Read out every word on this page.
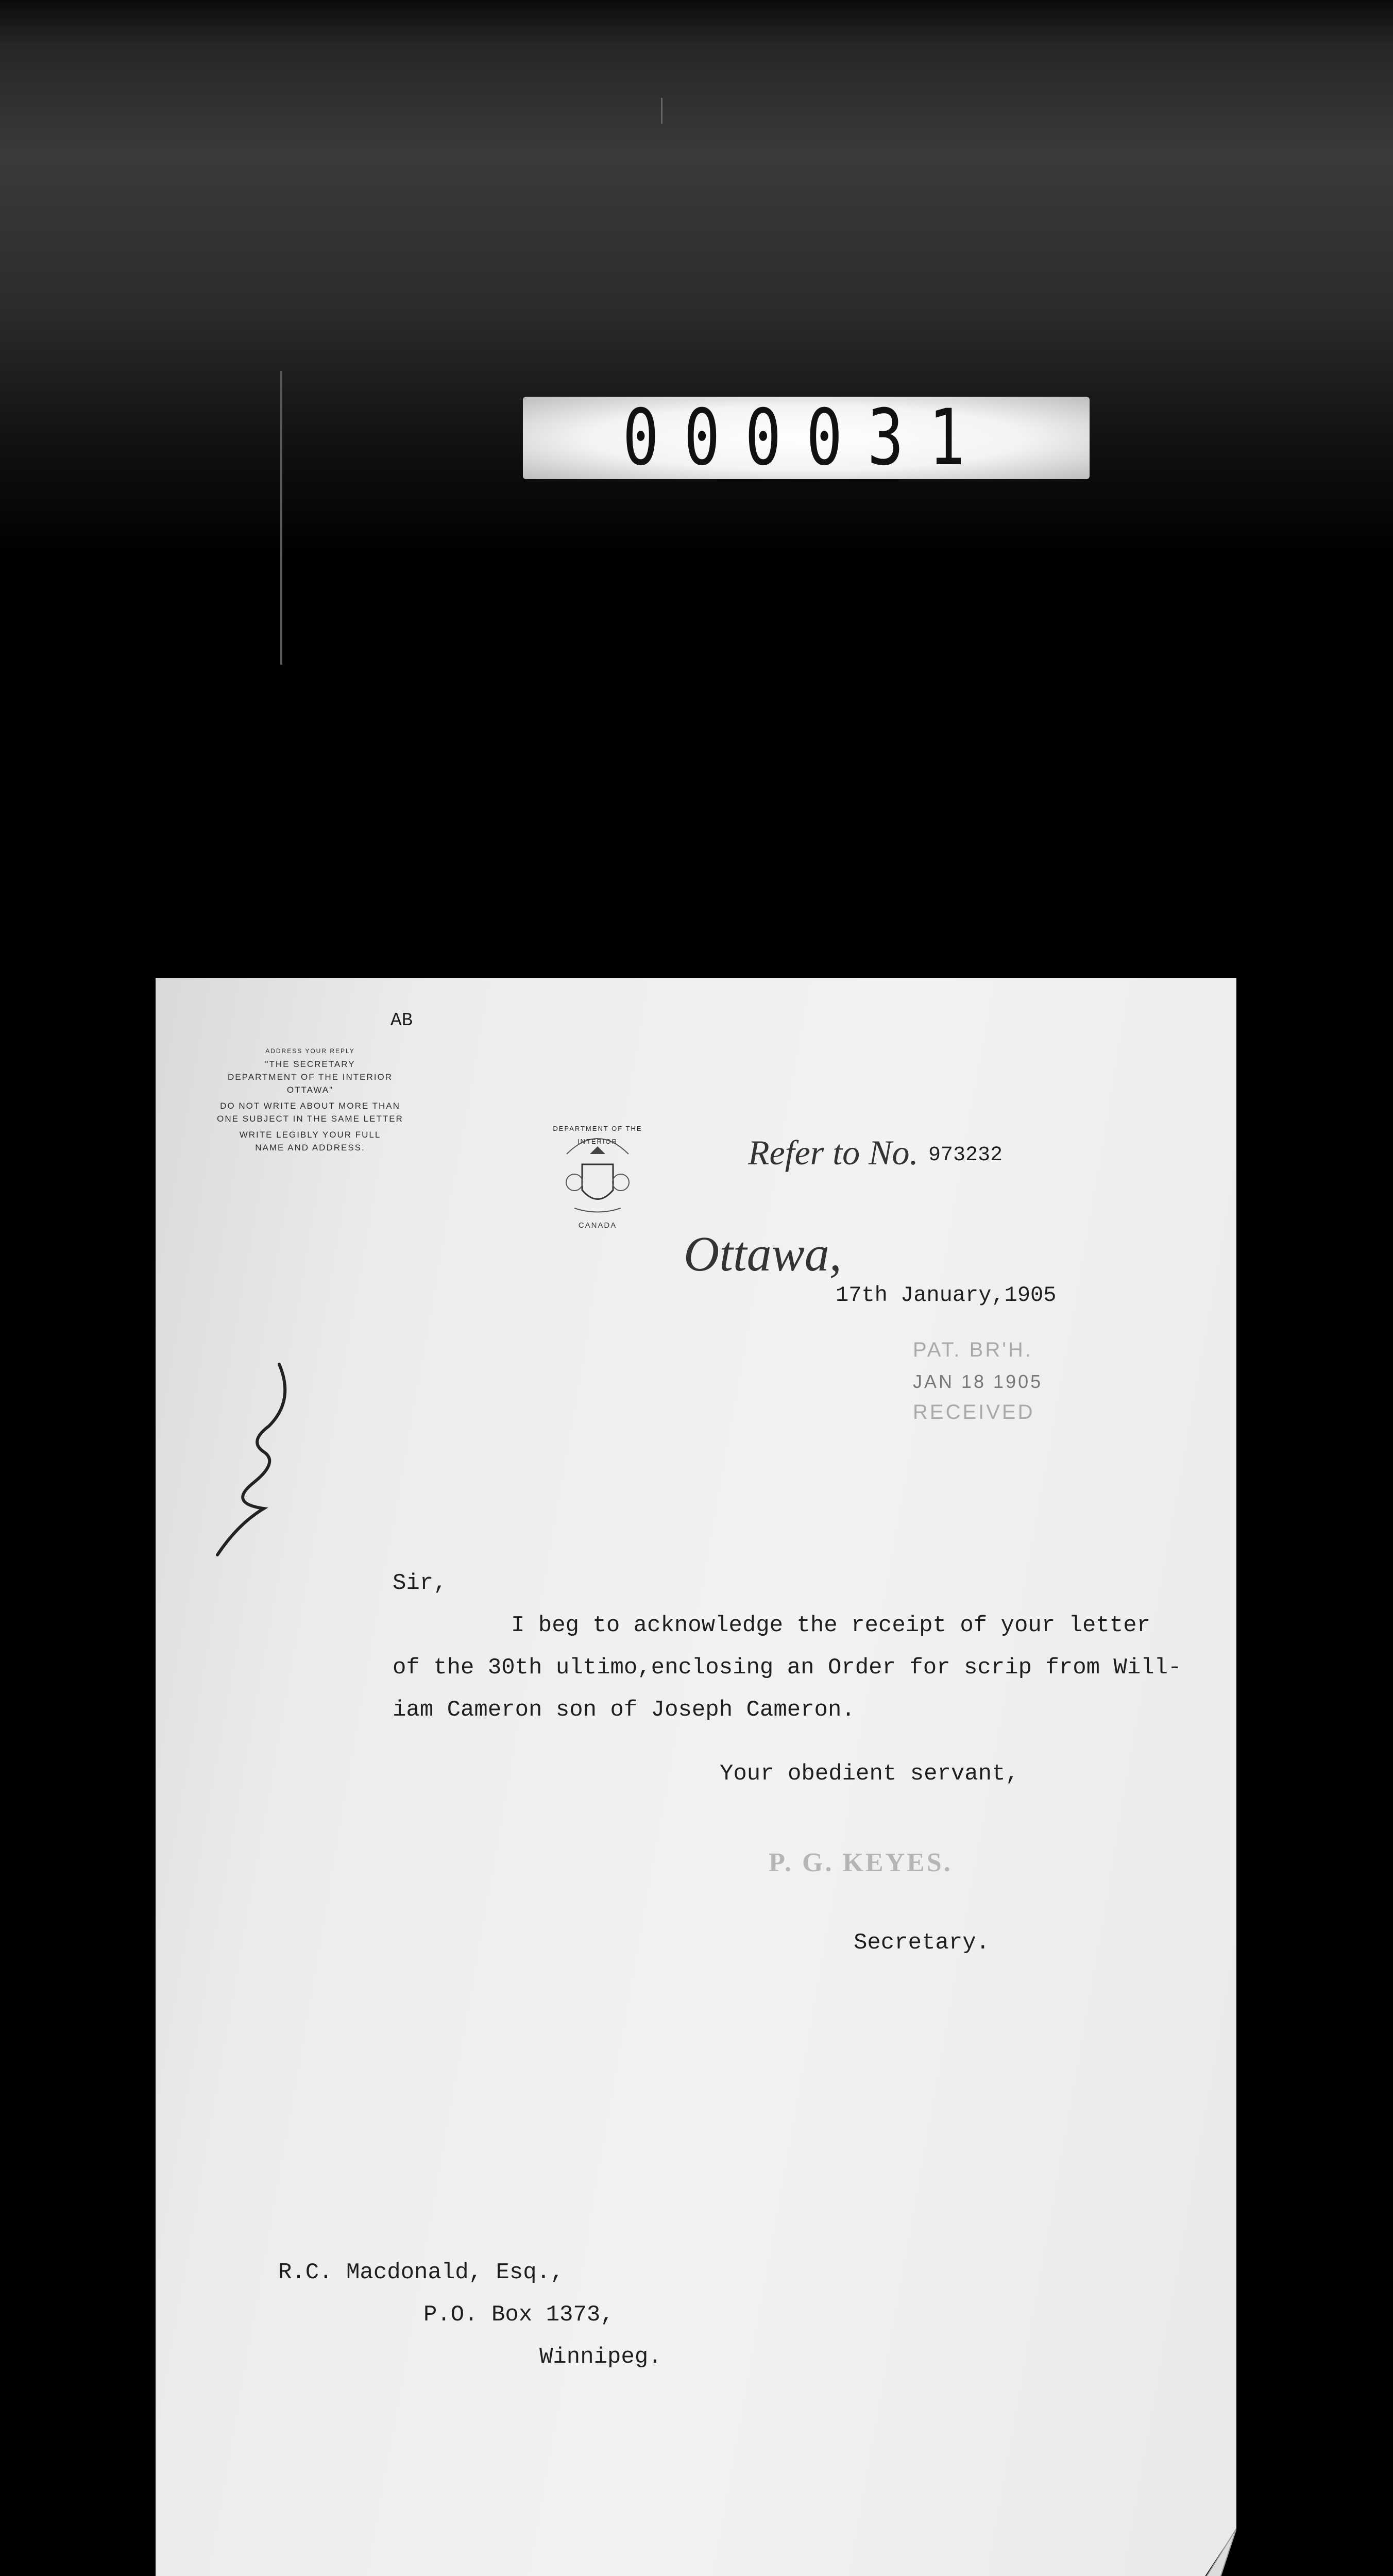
000031
AB
ADDRESS YOUR REPLY
"THE SECRETARY
DEPARTMENT OF THE INTERIOR
OTTAWA"
DO NOT WRITE ABOUT MORE THAN
ONE SUBJECT IN THE SAME LETTER
WRITE LEGIBLY YOUR FULL
NAME AND ADDRESS.
DEPARTMENT OF THE INTERIOR
CANADA
Refer to No. 973232
Ottawa,
17th January,1905
PAT. BR'H.
JAN 18 1905
RECEIVED
Sir,
I beg to acknowledge the receipt of your letter
of the 30th ultimo,enclosing an Order for scrip from Will-
iam Cameron son of Joseph Cameron.
Your obedient servant,
P. G. KEYES.
Secretary.
R.C. Macdonald, Esq.,
P.O. Box 1373,
Winnipeg.
